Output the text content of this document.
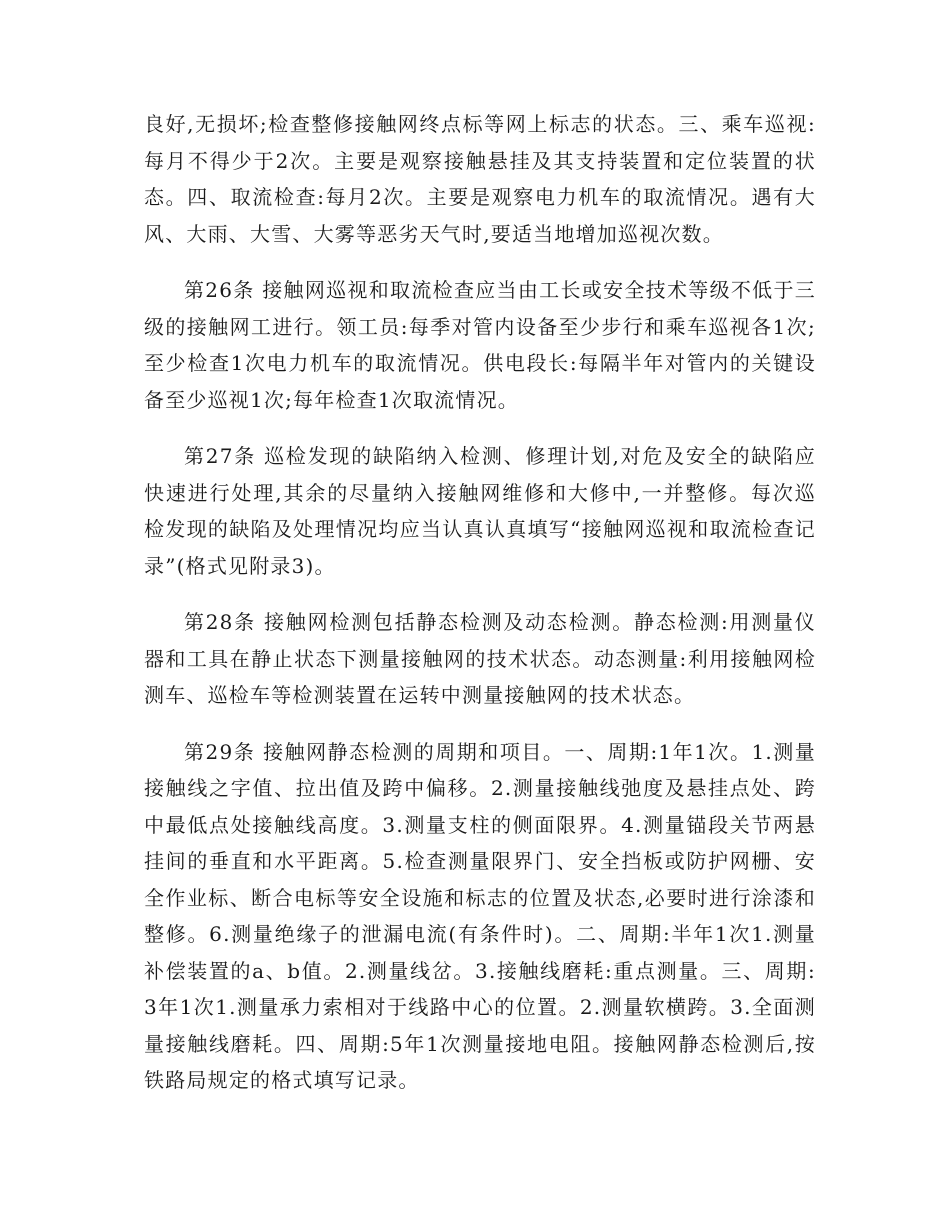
良好,无损坏;检查整修接触网终点标等网上标志的状态。三、乘车巡视:每月不得少于2次。主要是观察接触悬挂及其支持装置和定位装置的状态。四、取流检查:每月2次。主要是观察电力机车的取流情况。遇有大风、大雨、大雪、大雾等恶劣天气时,要适当地增加巡视次数。

第26条 接触网巡视和取流检查应当由工长或安全技术等级不低于三级的接触网工进行。领工员:每季对管内设备至少步行和乘车巡视各1次;至少检查1次电力机车的取流情况。供电段长:每隔半年对管内的关键设备至少巡视1次;每年检查1次取流情况。

第27条 巡检发现的缺陷纳入检测、修理计划,对危及安全的缺陷应快速进行处理,其余的尽量纳入接触网维修和大修中,一并整修。每次巡检发现的缺陷及处理情况均应当认真认真填写“接触网巡视和取流检查记录”(格式见附录3)。

第28条 接触网检测包括静态检测及动态检测。静态检测:用测量仪器和工具在静止状态下测量接触网的技术状态。动态测量:利用接触网检测车、巡检车等检测装置在运转中测量接触网的技术状态。

第29条 接触网静态检测的周期和项目。一、周期:1年1次。1.测量接触线之字值、拉出值及跨中偏移。2.测量接触线弛度及悬挂点处、跨中最低点处接触线高度。3.测量支柱的侧面限界。4.测量锚段关节两悬挂间的垂直和水平距离。5.检查测量限界门、安全挡板或防护网栅、安全作业标、断合电标等安全设施和标志的位置及状态,必要时进行涂漆和整修。6.测量绝缘子的泄漏电流(有条件时)。二、周期:半年1次1.测量补偿装置的a、b值。2.测量线岔。3.接触线磨耗:重点测量。三、周期:3年1次1.测量承力索相对于线路中心的位置。2.测量软横跨。3.全面测量接触线磨耗。四、周期:5年1次测量接地电阻。接触网静态检测后,按铁路局规定的格式填写记录。
